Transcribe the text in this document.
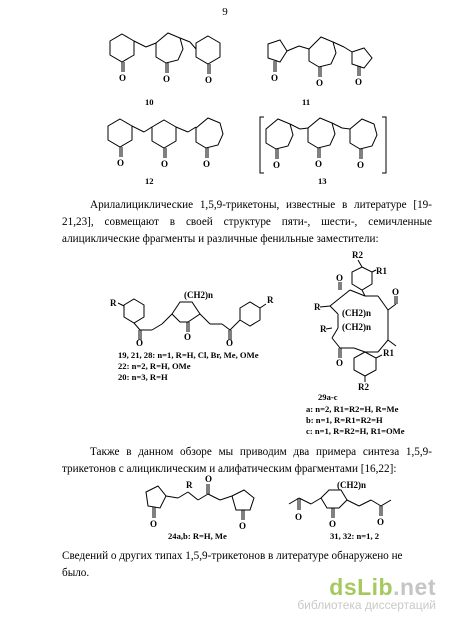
9
O	O	O
10
O	O	O
11
O	O	O
12
O	O	O
13
Арилалициклические 1,5,9-трикетоны, известные в литературе [19-21,23], совмещают в своей структуре пяти-, шести-, семичленные алициклические фрагменты и различные фенильные заместители:
R
O
(CH2)n
O
O
R
19, 21, 28: n=1, R=H, Cl, Br, Me, OMe
22: n=2, R=H, OMe
20: n=3, R=H
R2
R1
O
R
(CH2)n
(CH2)n
R
O
R1
R2
O
29a-c
a: n=2, R1=R2=H, R=Me
b: n=1, R=R1=R2=H
c: n=1, R=R2=H, R1=OMe
Также в данном обзоре мы приводим два примера синтеза 1,5,9-трикетонов с алициклическим и алифатическим фрагментами [16,22]:
O
R
O
O
24a,b: R=H, Me
O
(CH2)n
O	O
31, 32: n=1, 2
Сведений о других типах 1,5,9-трикетонов в литературе обнаружено не было.
dsLib.net
библиотека диссертаций
